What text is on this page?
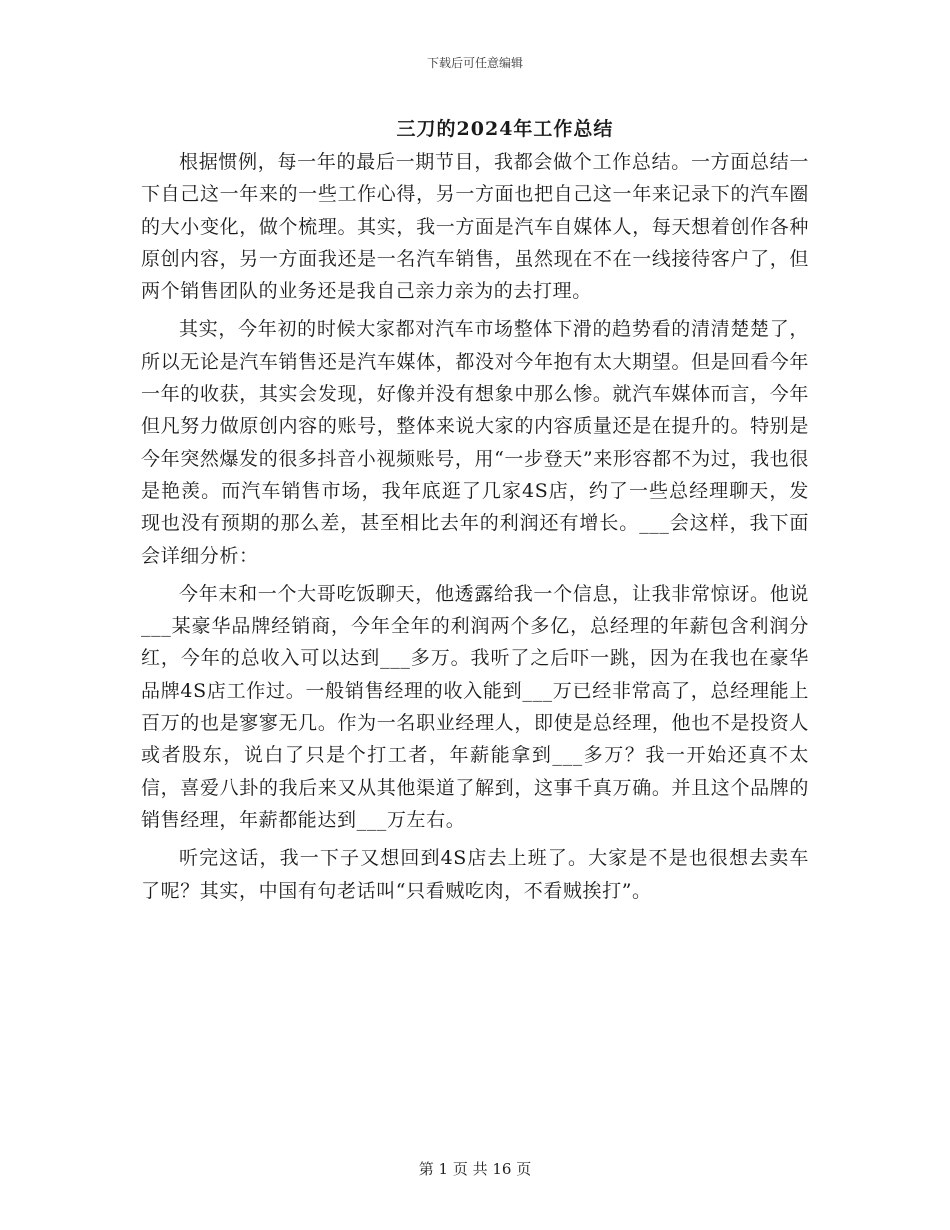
下载后可任意编辑
三刀的2024年工作总结

根据惯例，每一年的最后一期节目，我都会做个工作总结。一方面总结一下自己这一年来的一些工作心得，另一方面也把自己这一年来记录下的汽车圈的大小变化，做个梳理。其实，我一方面是汽车自媒体人，每天想着创作各种原创内容，另一方面我还是一名汽车销售，虽然现在不在一线接待客户了，但两个销售团队的业务还是我自己亲力亲为的去打理。

其实，今年初的时候大家都对汽车市场整体下滑的趋势看的清清楚楚了，所以无论是汽车销售还是汽车媒体，都没对今年抱有太大期望。但是回看今年一年的收获，其实会发现，好像并没有想象中那么惨。就汽车媒体而言，今年但凡努力做原创内容的账号，整体来说大家的内容质量还是在提升的。特别是今年突然爆发的很多抖音小视频账号，用“一步登天”来形容都不为过，我也很是艳羡。而汽车销售市场，我年底逛了几家4S店，约了一些总经理聊天，发现也没有预期的那么差，甚至相比去年的利润还有增长。___会这样，我下面会详细分析：

今年末和一个大哥吃饭聊天，他透露给我一个信息，让我非常惊讶。他说___某豪华品牌经销商，今年全年的利润两个多亿，总经理的年薪包含利润分红，今年的总收入可以达到___多万。我听了之后吓一跳，因为在我也在豪华品牌4S店工作过。一般销售经理的收入能到___万已经非常高了，总经理能上百万的也是寥寥无几。作为一名职业经理人，即使是总经理，他也不是投资人或者股东，说白了只是个打工者，年薪能拿到___多万？我一开始还真不太信，喜爱八卦的我后来又从其他渠道了解到，这事千真万确。并且这个品牌的销售经理，年薪都能达到___万左右。

听完这话，我一下子又想回到4S店去上班了。大家是不是也很想去卖车了呢？其实，中国有句老话叫“只看贼吃肉，不看贼挨打”。

第 1 页 共 16 页
